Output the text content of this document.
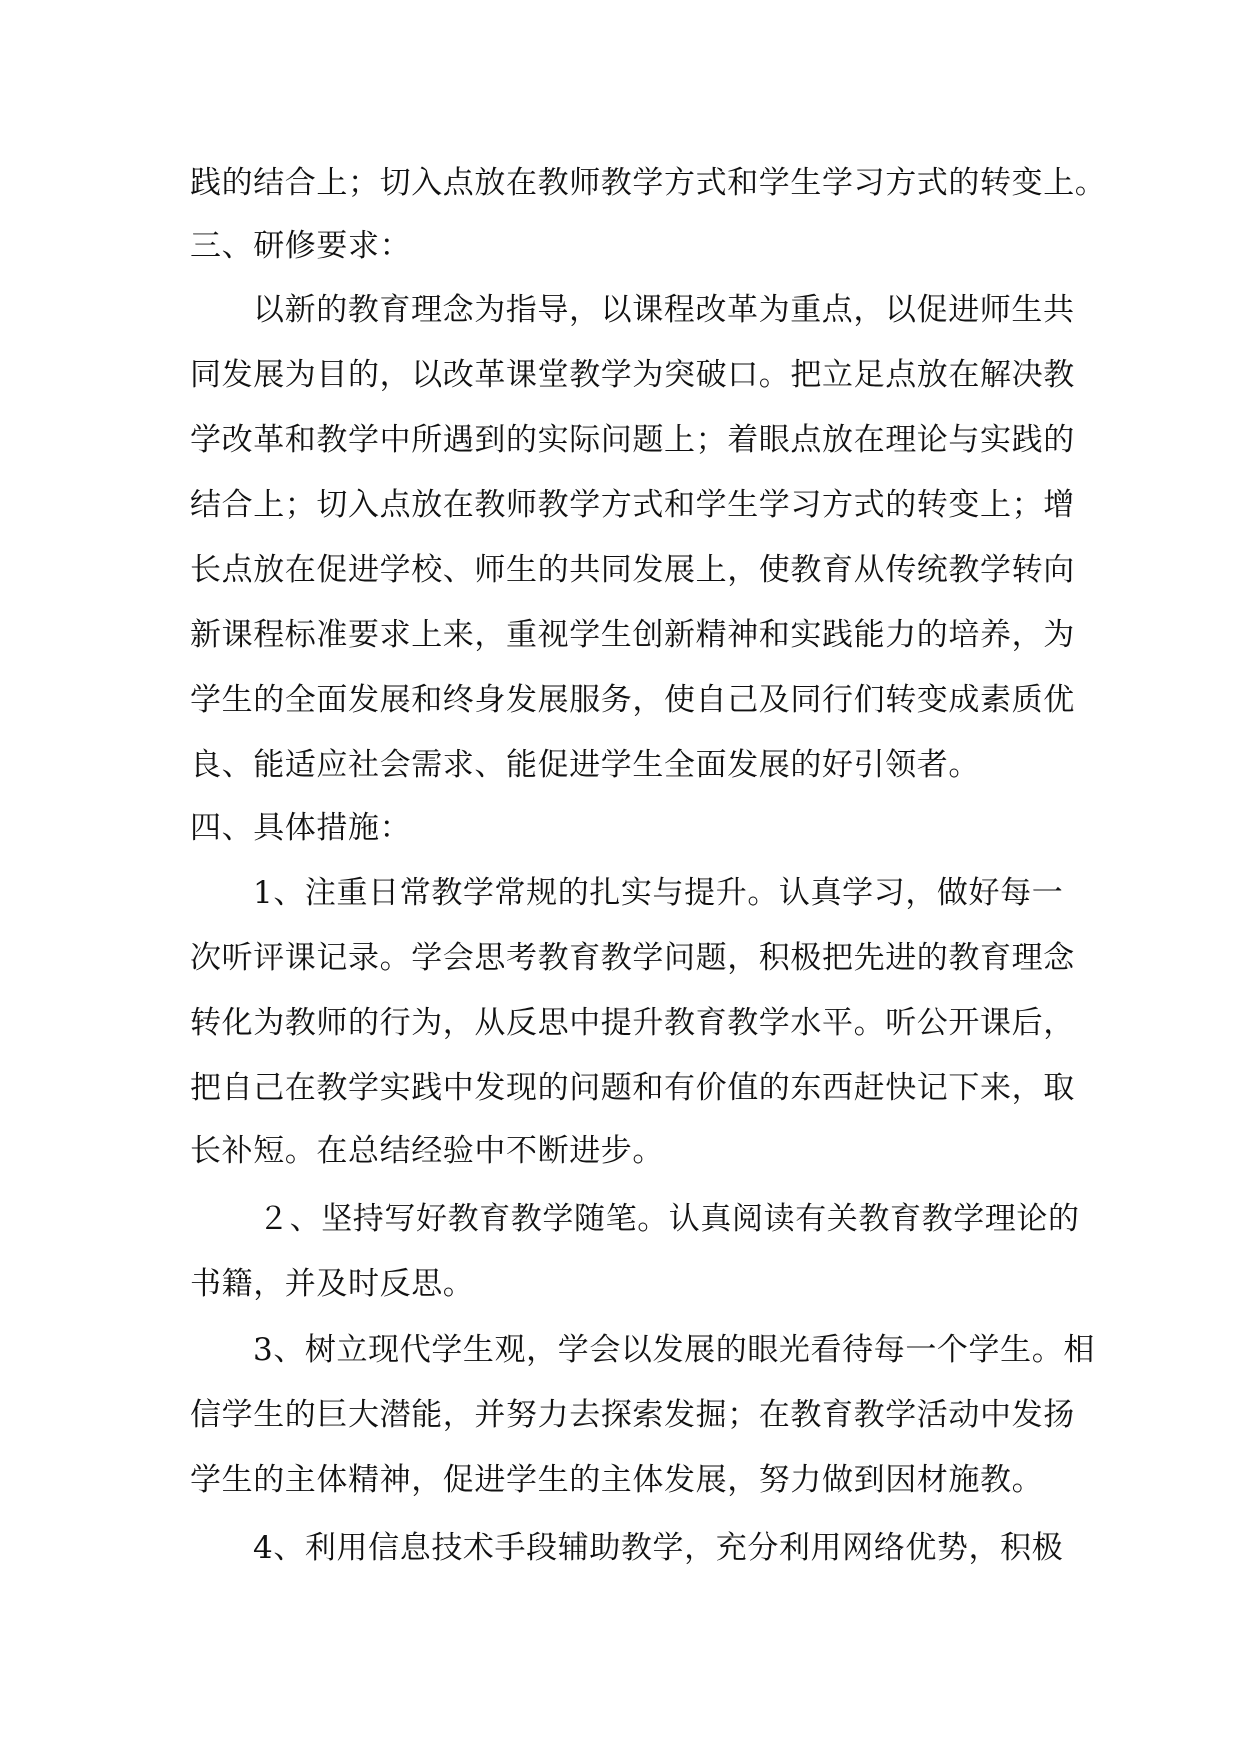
践的结合上；切入点放在教师教学方式和学生学习方式的转变上。
三、研修要求：
以新的教育理念为指导，以课程改革为重点，以促进师生共
同发展为目的，以改革课堂教学为突破口。把立足点放在解决教
学改革和教学中所遇到的实际问题上；着眼点放在理论与实践的
结合上；切入点放在教师教学方式和学生学习方式的转变上；增
长点放在促进学校、师生的共同发展上，使教育从传统教学转向
新课程标准要求上来，重视学生创新精神和实践能力的培养，为
学生的全面发展和终身发展服务，使自己及同行们转变成素质优
良、能适应社会需求、能促进学生全面发展的好引领者。
四、具体措施：
1、注重日常教学常规的扎实与提升。认真学习，做好每一
次听评课记录。学会思考教育教学问题，积极把先进的教育理念
转化为教师的行为，从反思中提升教育教学水平。听公开课后，
把自己在教学实践中发现的问题和有价值的东西赶快记下来，取
长补短。在总结经验中不断进步。
２、坚持写好教育教学随笔。认真阅读有关教育教学理论的
书籍，并及时反思。
3、树立现代学生观，学会以发展的眼光看待每一个学生。相
信学生的巨大潜能，并努力去探索发掘；在教育教学活动中发扬
学生的主体精神，促进学生的主体发展，努力做到因材施教。
4、利用信息技术手段辅助教学，充分利用网络优势，积极
